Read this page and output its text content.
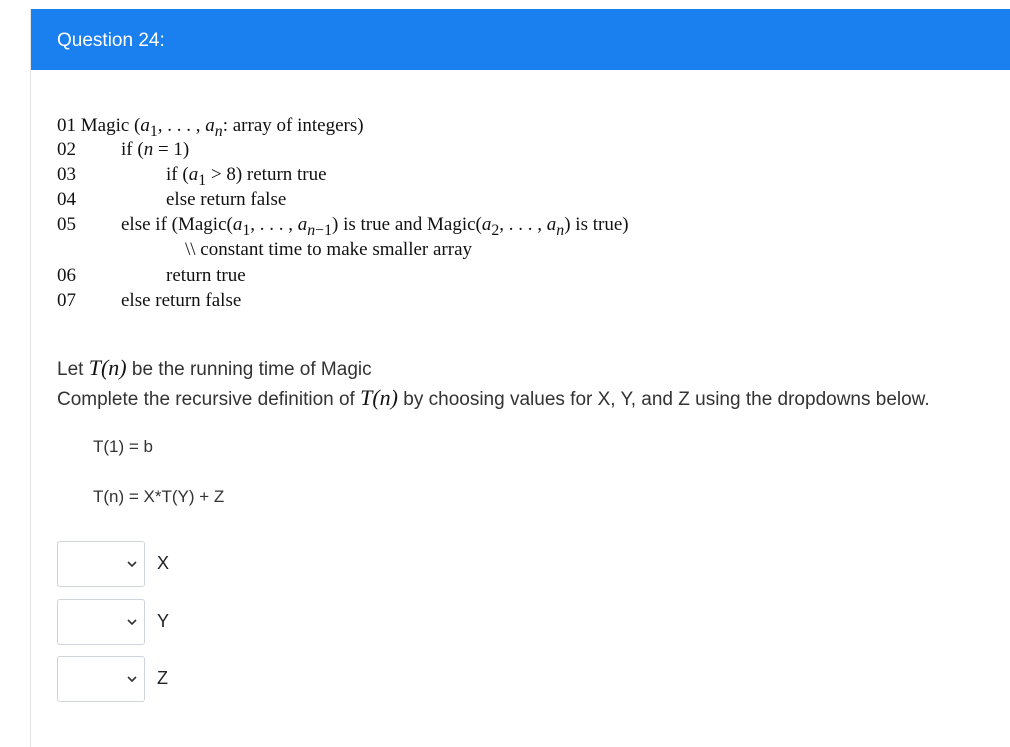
Question 24:
01 Magic ($a_1$, . . . , $a_n$: array of integers)
02 if (n = 1)
03	if $(a_1 > 8)$ return true
04	else return false
05 else if ($Magic(a_1$, . . . , $a_{n-1}$) is true and $Magic(a_2$, . . . , $a_n$) is true)
\\ constant time to make smaller array
06	return true
07 else return false
Let T(n) be the running time of Magic
Complete the recursive definition of T(n) by choosing values for X, Y, and Z using the dropdowns below.
T(1) = b
T(n) = X*T(Y) + Z
X
Y
Z
